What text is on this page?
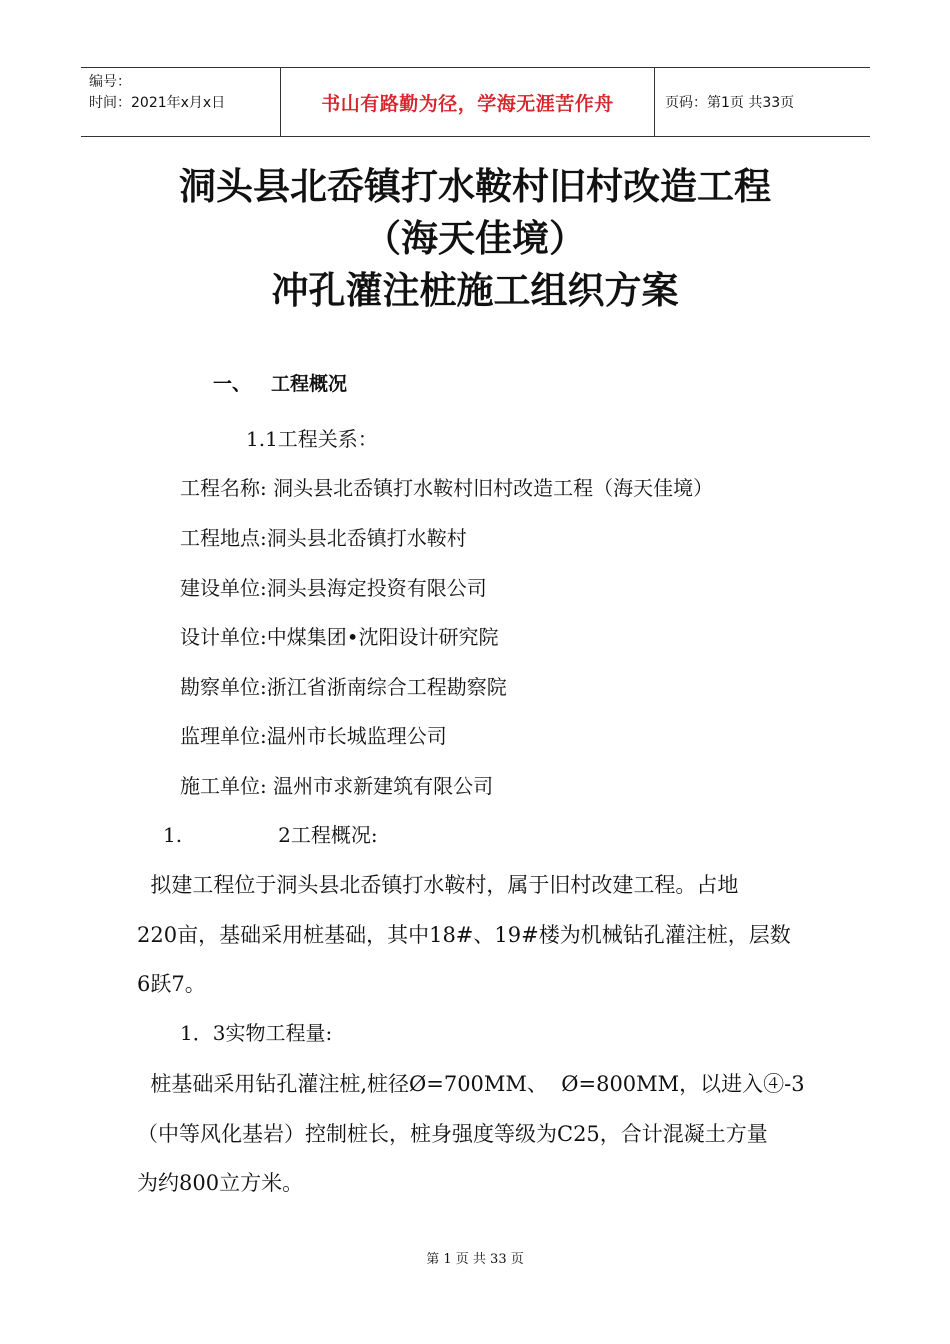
编号：
时间：2021年x月x日	书山有路勤为径，学海无涯苦作舟	页码：第1页 共33页
洞头县北岙镇打水鞍村旧村改造工程
（海天佳境）
冲孔灌注桩施工组织方案
一、 工程概况
1.1工程关系：
工程名称: 洞头县北岙镇打水鞍村旧村改造工程（海天佳境）
工程地点:洞头县北岙镇打水鞍村
建设单位:洞头县海定投资有限公司
设计单位:中煤集团•沈阳设计研究院
勘察单位:浙江省浙南综合工程勘察院
监理单位:温州市长城监理公司
施工单位: 温州市求新建筑有限公司
1.	2工程概况:
拟建工程位于洞头县北岙镇打水鞍村，属于旧村改建工程。占地
220亩，基础采用桩基础，其中18#、19#楼为机械钻孔灌注桩，层数
6跃7。
1．3实物工程量:
桩基础采用钻孔灌注桩,桩径Ø=700MM、  Ø=800MM，以进入④-3
（中等风化基岩）控制桩长，桩身强度等级为C25，合计混凝土方量
为约800立方米。
第 1 页 共 33 页
